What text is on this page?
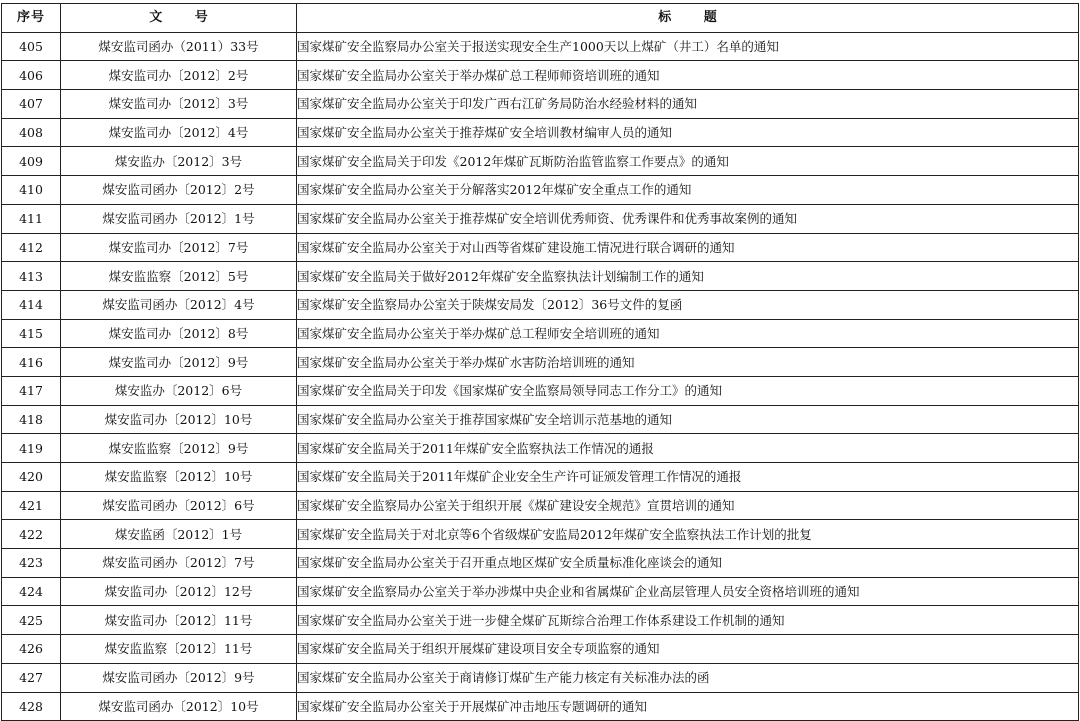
序号	文 号	标 题
405	煤安监司函办（2011）33号	国家煤矿安全监察局办公室关于报送实现安全生产1000天以上煤矿（井工）名单的通知
406	煤安监司办〔2012〕2号	国家煤矿安全监局办公室关于举办煤矿总工程师师资培训班的通知
407	煤安监司办〔2012〕3号	国家煤矿安全监局办公室关于印发广西右江矿务局防治水经验材料的通知
408	煤安监司办〔2012〕4号	国家煤矿安全监局办公室关于推荐煤矿安全培训教材编审人员的通知
409	煤安监办〔2012〕3号	国家煤矿安全监局关于印发《2012年煤矿瓦斯防治监管监察工作要点》的通知
410	煤安监司函办〔2012〕2号	国家煤矿安全监局办公室关于分解落实2012年煤矿安全重点工作的通知
411	煤安监司函办〔2012〕1号	国家煤矿安全监局办公室关于推荐煤矿安全培训优秀师资、优秀课件和优秀事故案例的通知
412	煤安监司办〔2012〕7号	国家煤矿安全监局办公室关于对山西等省煤矿建设施工情况进行联合调研的通知
413	煤安监监察〔2012〕5号	国家煤矿安全监局关于做好2012年煤矿安全监察执法计划编制工作的通知
414	煤安监司函办〔2012〕4号	国家煤矿安全监察局办公室关于陕煤安局发〔2012〕36号文件的复函
415	煤安监司办〔2012〕8号	国家煤矿安全监局办公室关于举办煤矿总工程师安全培训班的通知
416	煤安监司办〔2012〕9号	国家煤矿安全监局办公室关于举办煤矿水害防治培训班的通知
417	煤安监办〔2012〕6号	国家煤矿安全监局关于印发《国家煤矿安全监察局领导同志工作分工》的通知
418	煤安监司办〔2012〕10号	国家煤矿安全监局办公室关于推荐国家煤矿安全培训示范基地的通知
419	煤安监监察〔2012〕9号	国家煤矿安全监局关于2011年煤矿安全监察执法工作情况的通报
420	煤安监监察〔2012〕10号	国家煤矿安全监局关于2011年煤矿企业安全生产许可证颁发管理工作情况的通报
421	煤安监司函办〔2012〕6号	国家煤矿安全监察局办公室关于组织开展《煤矿建设安全规范》宣贯培训的通知
422	煤安监函〔2012〕1号	国家煤矿安全监局关于对北京等6个省级煤矿安监局2012年煤矿安全监察执法工作计划的批复
423	煤安监司函办〔2012〕7号	国家煤矿安全监局办公室关于召开重点地区煤矿安全质量标准化座谈会的通知
424	煤安监司办〔2012〕12号	国家煤矿安全监察局办公室关于举办涉煤中央企业和省属煤矿企业高层管理人员安全资格培训班的通知
425	煤安监司办〔2012〕11号	国家煤矿安全监局办公室关于进一步健全煤矿瓦斯综合治理工作体系建设工作机制的通知
426	煤安监监察〔2012〕11号	国家煤矿安全监局关于组织开展煤矿建设项目安全专项监察的通知
427	煤安监司函办〔2012〕9号	国家煤矿安全监局办公室关于商请修订煤矿生产能力核定有关标准办法的函
428	煤安监司函办〔2012〕10号	国家煤矿安全监局办公室关于开展煤矿冲击地压专题调研的通知
